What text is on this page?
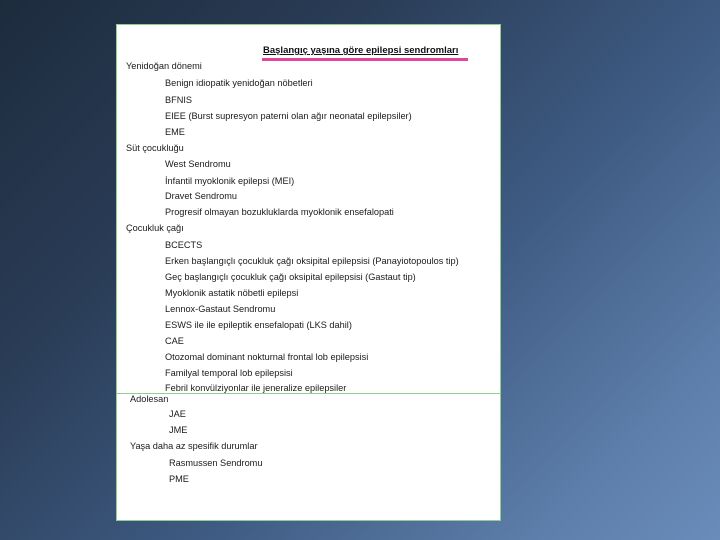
Başlangıç yaşına göre epilepsi sendromları
Yenidoğan dönemi
Benign idiopatik yenidoğan nöbetleri
BFNIS
EIEE (Burst supresyon paterni olan ağır neonatal epilepsiler)
EME
Süt çocukluğu
West Sendromu
İnfantil myoklonik epilepsi (MEI)
Dravet Sendromu
Progresif olmayan bozukluklarda myoklonik ensefalopati
Çocukluk çağı
BCECTS
Erken başlangıçlı çocukluk çağı oksipital epilepsisi (Panayiotopoulos tip)
Geç başlangıçlı çocukluk çağı oksipital epilepsisi (Gastaut tip)
Myoklonik astatik nöbetli epilepsi
Lennox-Gastaut Sendromu
ESWS ile ile epileptik ensefalopati (LKS dahil)
CAE
Otozomal dominant nokturnal frontal lob epilepsisi
Familyal temporal lob epilepsisi
Febril konvülziyonlar ile jeneralize epilepsiler
Adolesan
JAE
JME
Yaşa daha az spesifik durumlar
Rasmussen Sendromu
PME
